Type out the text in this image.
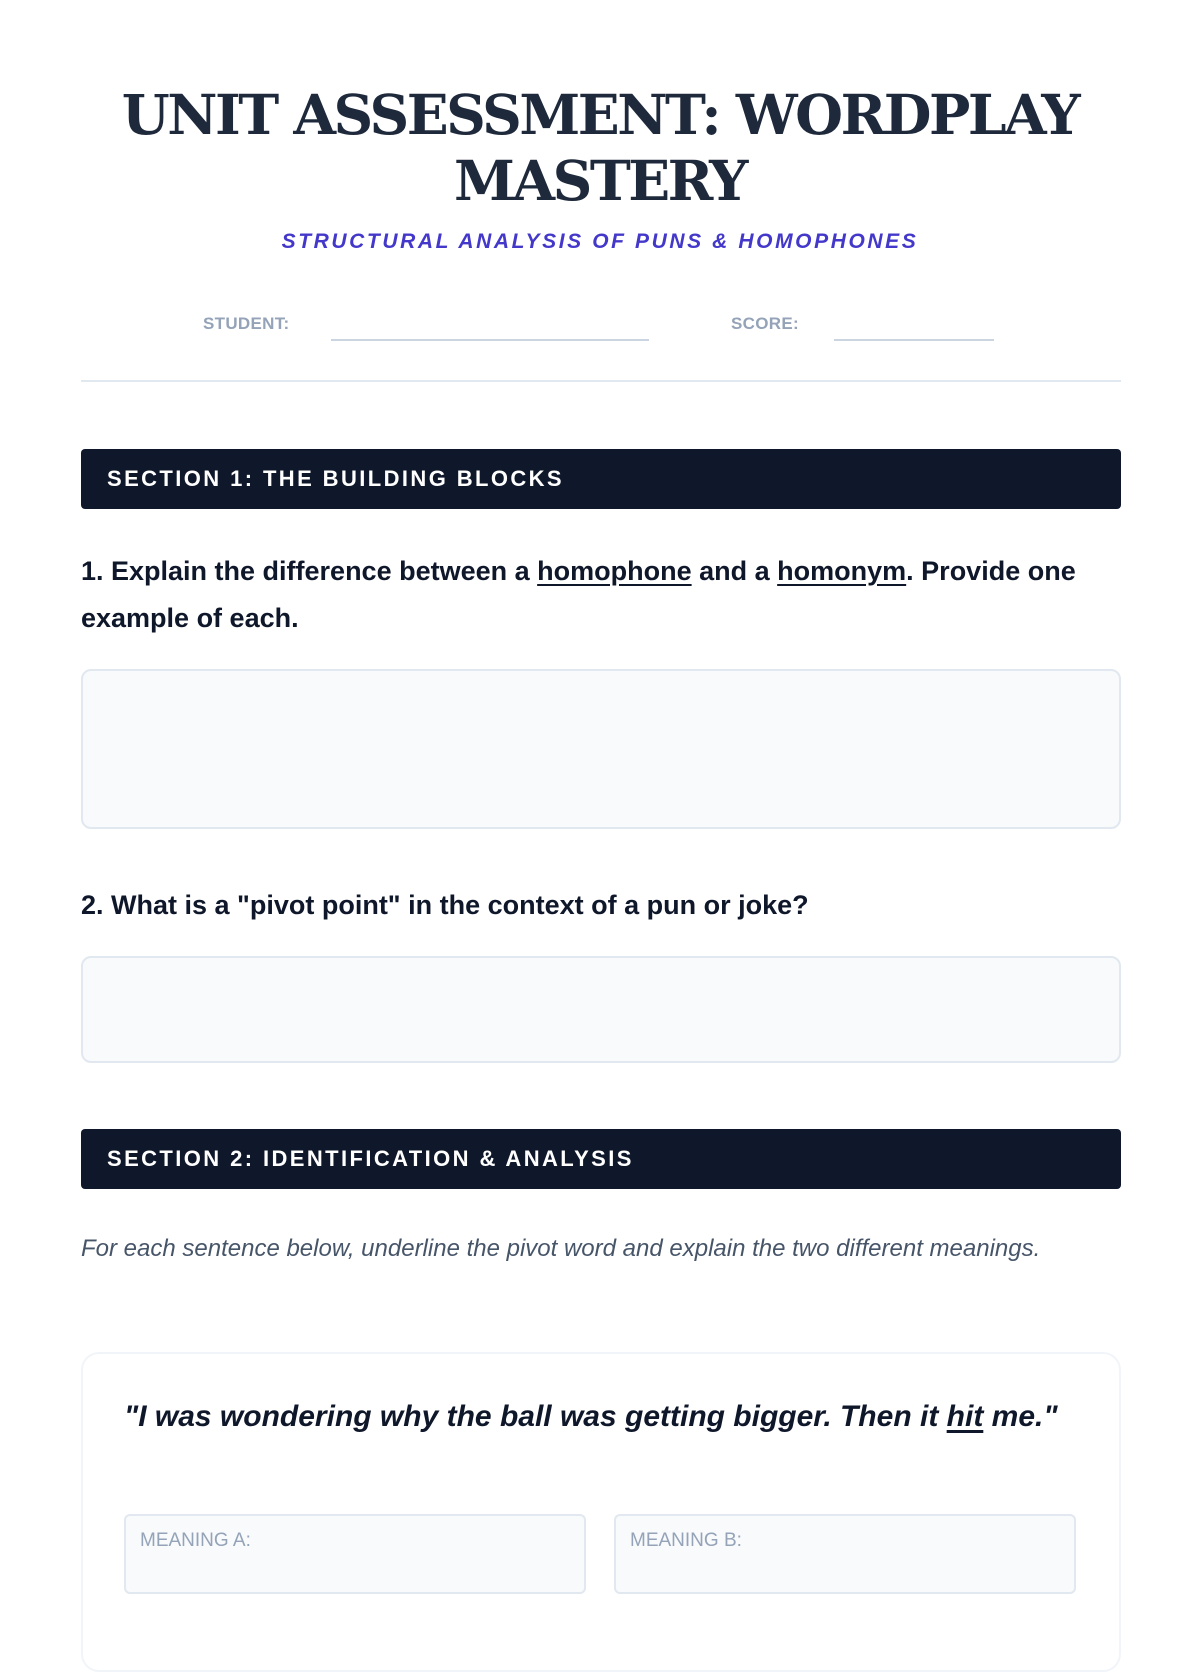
UNIT ASSESSMENT: WORDPLAY MASTERY
STRUCTURAL ANALYSIS OF PUNS & HOMOPHONES
STUDENT:	SCORE:
SECTION 1: THE BUILDING BLOCKS
1. Explain the difference between a homophone and a homonym. Provide one example of each.
2. What is a "pivot point" in the context of a pun or joke?
SECTION 2: IDENTIFICATION & ANALYSIS
For each sentence below, underline the pivot word and explain the two different meanings.
"I was wondering why the ball was getting bigger. Then it hit me."
MEANING A:	MEANING B:
